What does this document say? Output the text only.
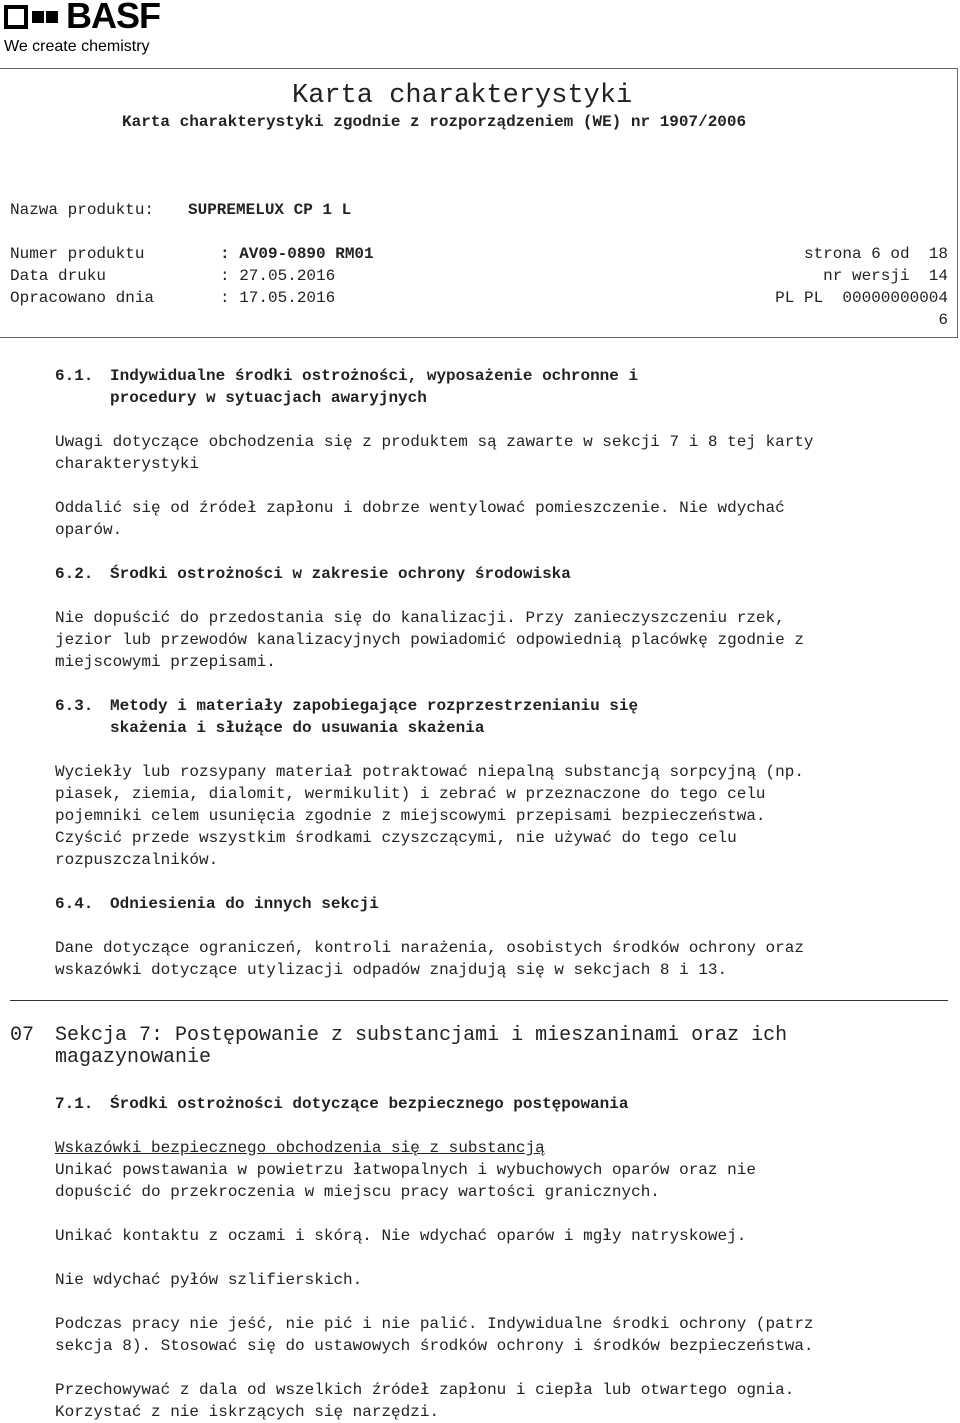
BASF
We create chemistry
Karta charakterystyki
Karta charakterystyki zgodnie z rozporządzeniem (WE) nr 1907/2006
Nazwa produktu: SUPREMELUX CP 1 L
Numer produktu	: AV09-0890 RM01	strona 6 od  18
Data druku	: 27.05.2016	nr wersji  14
Opracowano dnia	: 17.05.2016	PL PL  00000000004
6
6.1. Indywidualne środki ostrożności, wyposażenie ochronne i
procedury w sytuacjach awaryjnych
Uwagi dotyczące obchodzenia się z produktem są zawarte w sekcji 7 i 8 tej karty
charakterystyki
Oddalić się od źródeł zapłonu i dobrze wentylować pomieszczenie. Nie wdychać
oparów.
6.2. Środki ostrożności w zakresie ochrony środowiska
Nie dopuścić do przedostania się do kanalizacji. Przy zanieczyszczeniu rzek,
jezior lub przewodów kanalizacyjnych powiadomić odpowiednią placówkę zgodnie z
miejscowymi przepisami.
6.3. Metody i materiały zapobiegające rozprzestrzenianiu się
skażenia i służące do usuwania skażenia
Wyciekły lub rozsypany materiał potraktować niepalną substancją sorpcyjną (np.
piasek, ziemia, dialomit, wermikulit) i zebrać w przeznaczone do tego celu
pojemniki celem usunięcia zgodnie z miejscowymi przepisami bezpieczeństwa.
Czyścić przede wszystkim środkami czyszczącymi, nie używać do tego celu
rozpuszczalników.
6.4. Odniesienia do innych sekcji
Dane dotyczące ograniczeń, kontroli narażenia, osobistych środków ochrony oraz
wskazówki dotyczące utylizacji odpadów znajdują się w sekcjach 8 i 13.
07 Sekcja 7: Postępowanie z substancjami i mieszaninami oraz ich
magazynowanie
7.1. Środki ostrożności dotyczące bezpiecznego postępowania
Wskazówki bezpiecznego obchodzenia się z substancją
Unikać powstawania w powietrzu łatwopalnych i wybuchowych oparów oraz nie
dopuścić do przekroczenia w miejscu pracy wartości granicznych.
Unikać kontaktu z oczami i skórą. Nie wdychać oparów i mgły natryskowej.
Nie wdychać pyłów szlifierskich.
Podczas pracy nie jeść, nie pić i nie palić. Indywidualne środki ochrony (patrz
sekcja 8). Stosować się do ustawowych środków ochrony i środków bezpieczeństwa.
Przechowywać z dala od wszelkich źródeł zapłonu i ciepła lub otwartego ognia.
Korzystać z nie iskrzących się narzędzi.
